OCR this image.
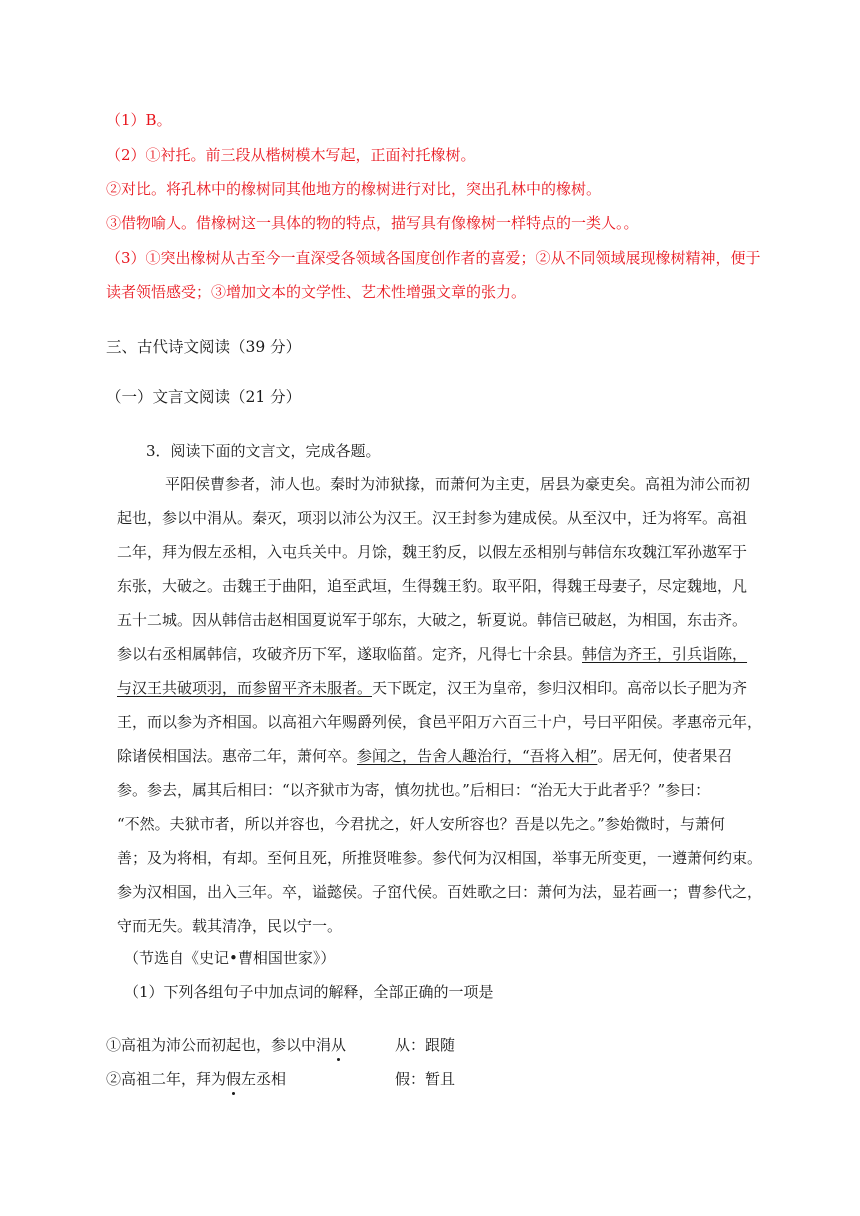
（1）B。
（2）①衬托。前三段从楷树模木写起，正面衬托橡树。
②对比。将孔林中的橡树同其他地方的橡树进行对比，突出孔林中的橡树。
③借物喻人。借橡树这一具体的物的特点，描写具有像橡树一样特点的一类人。。
（3）①突出橡树从古至今一直深受各领域各国度创作者的喜爱；②从不同领域展现橡树精神，便于
读者领悟感受；③增加文本的文学性、艺术性增强文章的张力。
三、古代诗文阅读（39 分）
（一）文言文阅读（21 分）
3．阅读下面的文言文，完成各题。
平阳侯曹参者，沛人也。秦时为沛狱掾，而萧何为主吏，居县为豪吏矣。高祖为沛公而初
起也，参以中涓从。秦灭，项羽以沛公为汉王。汉王封参为建成侯。从至汉中，迁为将军。高祖
二年，拜为假左丞相，入屯兵关中。月馀，魏王豹反，以假左丞相别与韩信东攻魏江军孙遨军于
东张，大破之。击魏王于曲阳，追至武垣，生得魏王豹。取平阳，得魏王母妻子，尽定魏地，凡
五十二城。因从韩信击赵相国夏说军于邬东，大破之，斩夏说。韩信已破赵，为相国，东击齐。
参以右丞相属韩信，攻破齐历下军，遂取临菑。定齐，凡得七十余县。韩信为齐王，引兵诣陈，
与汉王共破项羽，而参留平齐未服者。天下既定，汉王为皇帝，参归汉相印。高帝以长子肥为齐
王，而以参为齐相国。以高祖六年赐爵列侯，食邑平阳万六百三十户，号曰平阳侯。孝惠帝元年，
除诸侯相国法。惠帝二年，萧何卒。参闻之，告舍人趣治行，“吾将入相”。居无何，使者果召
参。参去，属其后相曰：“以齐狱市为寄，慎勿扰也。”后相曰：“治无大于此者乎？”参曰：
“不然。夫狱市者，所以并容也，今君扰之，奸人安所容也？吾是以先之。”参始微时，与萧何
善；及为将相，有却。至何且死，所推贤唯参。参代何为汉相国，举事无所变更，一遵萧何约束。
参为汉相国，出入三年。卒，谥懿侯。子窋代侯。百姓歌之曰：萧何为法，显若画一；曹参代之，
守而无失。载其清净，民以宁一。
（节选自《史记•曹相国世家》）
（1）下列各组句子中加点词的解释，全部正确的一项是
①高祖为沛公而初起也，参以中涓从	从：跟随
②高祖二年，拜为假左丞相	假：暂且
